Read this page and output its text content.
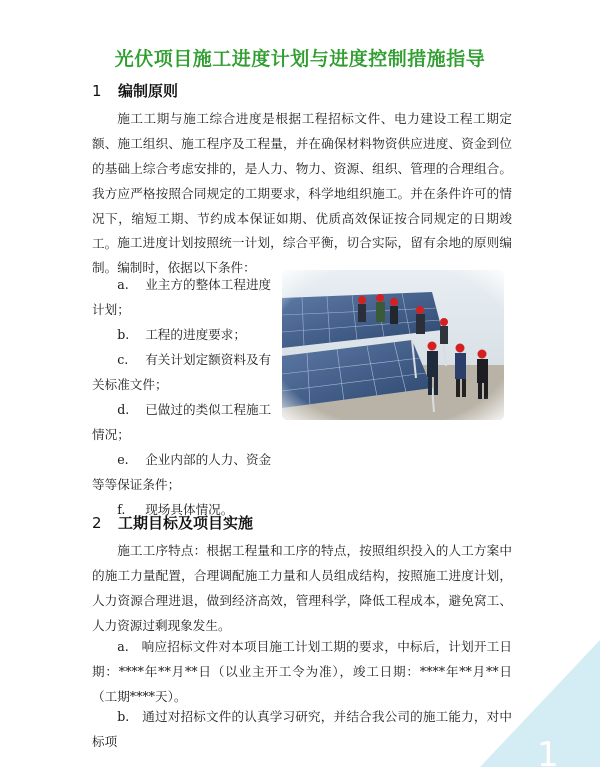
光伏项目施工进度计划与进度控制措施指导
1 编制原则
施工工期与施工综合进度是根据工程招标文件、电力建设工程工期定额、施工组织、施工程序及工程量，并在确保材料物资供应进度、资金到位的基础上综合考虑安排的，是人力、物力、资源、组织、管理的合理组合。我方应严格按照合同规定的工期要求，科学地组织施工。并在条件许可的情况下，缩短工期、节约成本保证如期、优质高效保证按合同规定的日期竣工。 施工进度计划按照统一计划，综合平衡，切合实际，留有余地的原则编制。编制时，依据以下条件：
a. 业主方的整体工程进度计划；
b. 工程的进度要求；
c. 有关计划定额资料及有关标准文件；
d. 已做过的类似工程施工情况；
e. 企业内部的人力、资金等等保证条件；
f. 现场具体情况。
2 工期目标及项目实施
施工工序特点：根据工程量和工序的特点，按照组织投入的人工方案中的施工力量配置，合理调配施工力量和人员组成结构，按照施工进度计划，人力资源合理进退，做到经济高效，管理科学，降低工程成本，避免窝工、人力资源过剩现象发生。
a.　 响应招标文件对本项目施工计划工期的要求，中标后，计划开工日期：****年**月**日（以业主开工令为准），竣工日期：****年**月**日（工期****天）。
b.　 通过对招标文件的认真学习研究，并结合我公司的施工能力，对中标项	1
